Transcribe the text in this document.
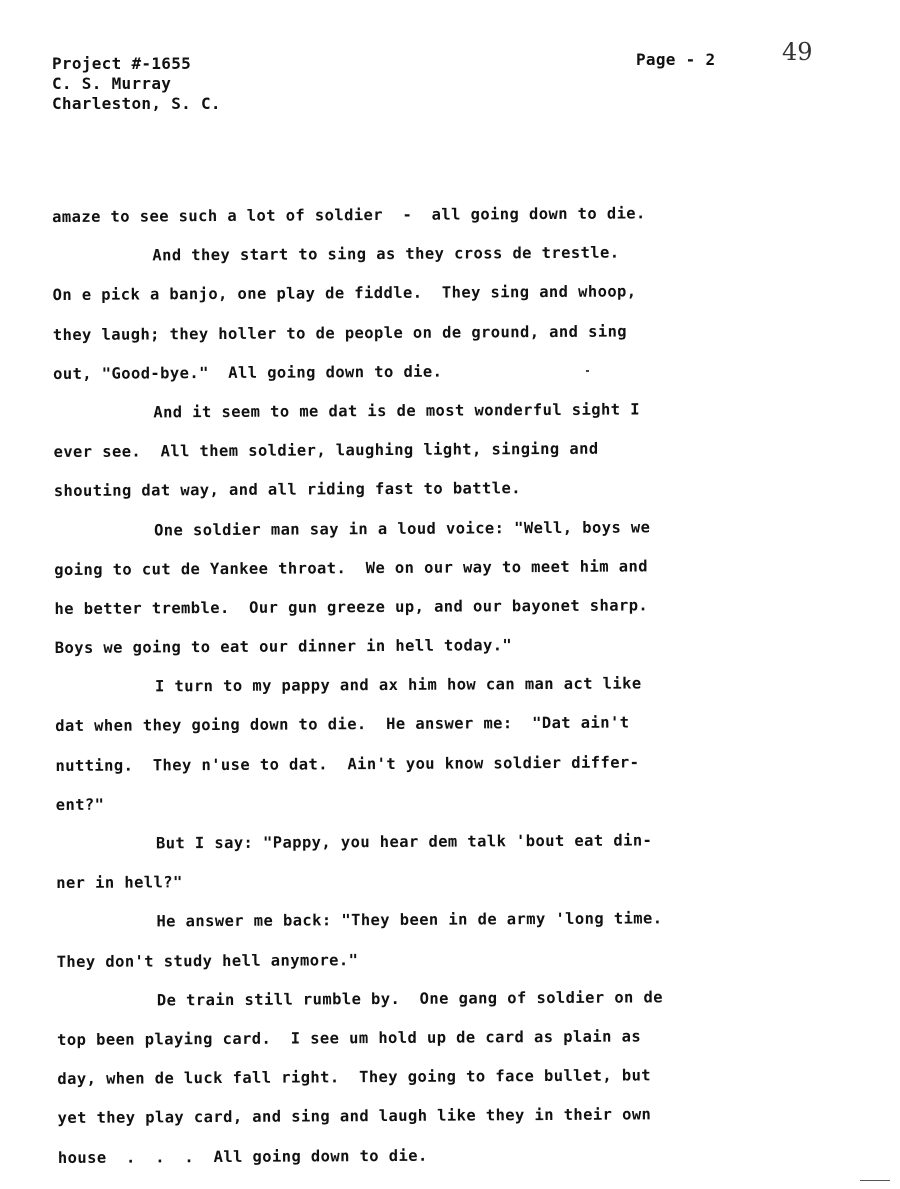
Project #-1655
C. S. Murray
Charleston, S. C.
Page - 2	49
amaze to see such a lot of soldier  -  all going down to die.
And they start to sing as they cross de trestle.
On e pick a banjo, one play de fiddle.  They sing and whoop,
they laugh; they holler to de people on de ground, and sing
out, "Good-bye."  All going down to die.
And it seem to me dat is de most wonderful sight I
ever see.  All them soldier, laughing light, singing and
shouting dat way, and all riding fast to battle.
One soldier man say in a loud voice: "Well, boys we
going to cut de Yankee throat.  We on our way to meet him and
he better tremble.  Our gun greeze up, and our bayonet sharp.
Boys we going to eat our dinner in hell today."
I turn to my pappy and ax him how can man act like
dat when they going down to die.  He answer me:  "Dat ain't
nutting.  They n'use to dat.  Ain't you know soldier differ-
ent?"
But I say: "Pappy, you hear dem talk 'bout eat din-
ner in hell?"
He answer me back: "They been in de army 'long time.
They don't study hell anymore."
De train still rumble by.  One gang of soldier on de
top been playing card.  I see um hold up de card as plain as
day, when de luck fall right.  They going to face bullet, but
yet they play card, and sing and laugh like they in their own
house  .  .  .  All going down to die.
